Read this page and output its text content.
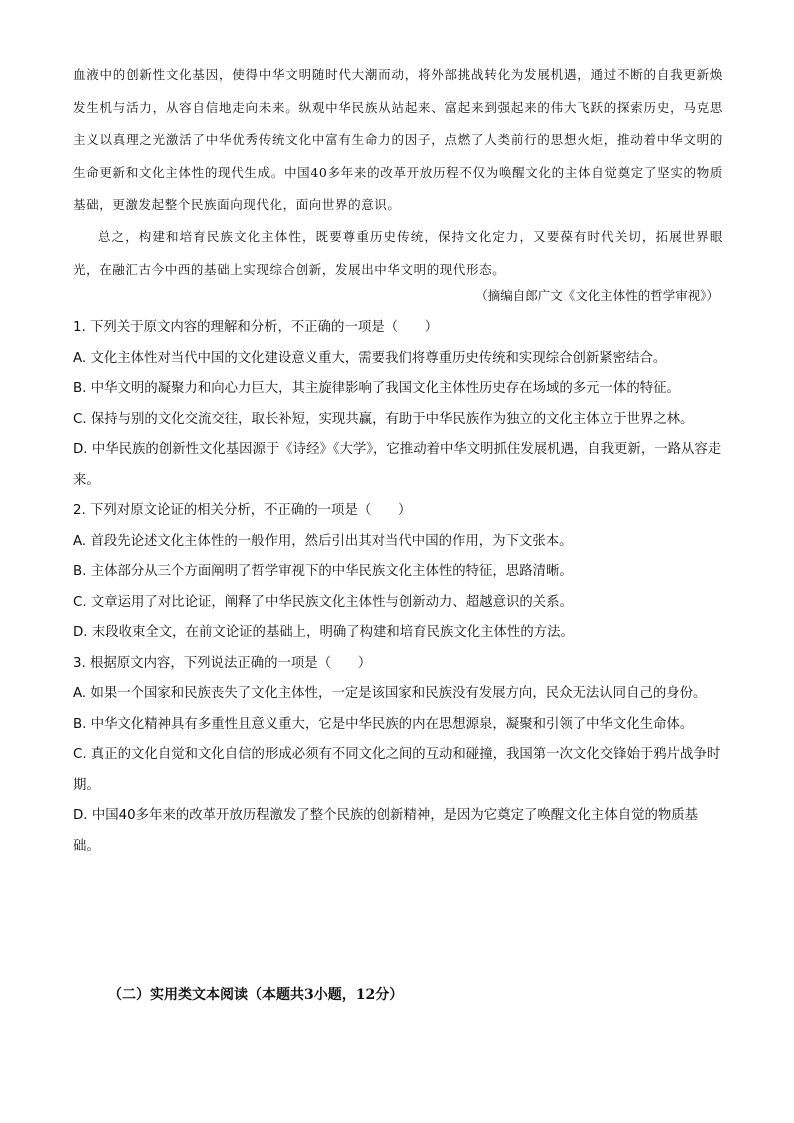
血液中的创新性文化基因，使得中华文明随时代大潮而动，将外部挑战转化为发展机遇，通过不断的自我更新焕发生机与活力，从容自信地走向未来。纵观中华民族从站起来、富起来到强起来的伟大飞跃的探索历史，马克思主义以真理之光激活了中华优秀传统文化中富有生命力的因子，点燃了人类前行的思想火炬，推动着中华文明的生命更新和文化主体性的现代生成。中国40多年来的改革开放历程不仅为唤醒文化的主体自觉奠定了坚实的物质基础，更激发起整个民族面向现代化，面向世界的意识。

总之，构建和培育民族文化主体性，既要尊重历史传统，保持文化定力，又要葆有时代关切，拓展世界眼光，在融汇古今中西的基础上实现综合创新，发展出中华文明的现代形态。

（摘编自郎广文《文化主体性的哲学审视》）

1. 下列关于原文内容的理解和分析，不正确的一项是（　　）

A. 文化主体性对当代中国的文化建设意义重大，需要我们将尊重历史传统和实现综合创新紧密结合。

B. 中华文明的凝聚力和向心力巨大，其主旋律影响了我国文化主体性历史存在场域的多元一体的特征。

C. 保持与别的文化交流交往，取长补短，实现共赢，有助于中华民族作为独立的文化主体立于世界之林。

D. 中华民族的创新性文化基因源于《诗经》《大学》，它推动着中华文明抓住发展机遇，自我更新，一路从容走来。

2. 下列对原文论证的相关分析，不正确的一项是（　　）

A. 首段先论述文化主体性的一般作用，然后引出其对当代中国的作用，为下文张本。

B. 主体部分从三个方面阐明了哲学审视下的中华民族文化主体性的特征，思路清晰。

C. 文章运用了对比论证，阐释了中华民族文化主体性与创新动力、超越意识的关系。

D. 末段收束全文，在前文论证的基础上，明确了构建和培育民族文化主体性的方法。

3. 根据原文内容，下列说法正确的一项是（　　）

A. 如果一个国家和民族丧失了文化主体性，一定是该国家和民族没有发展方向，民众无法认同自己的身份。

B. 中华文化精神具有多重性且意义重大，它是中华民族的内在思想源泉，凝聚和引领了中华文化生命体。

C. 真正的文化自觉和文化自信的形成必须有不同文化之间的互动和碰撞，我国第一次文化交锋始于鸦片战争时期。

D. 中国40多年来的改革开放历程激发了整个民族的创新精神，是因为它奠定了唤醒文化主体自觉的物质基础。

（二）实用类文本阅读（本题共3小题，12分）
